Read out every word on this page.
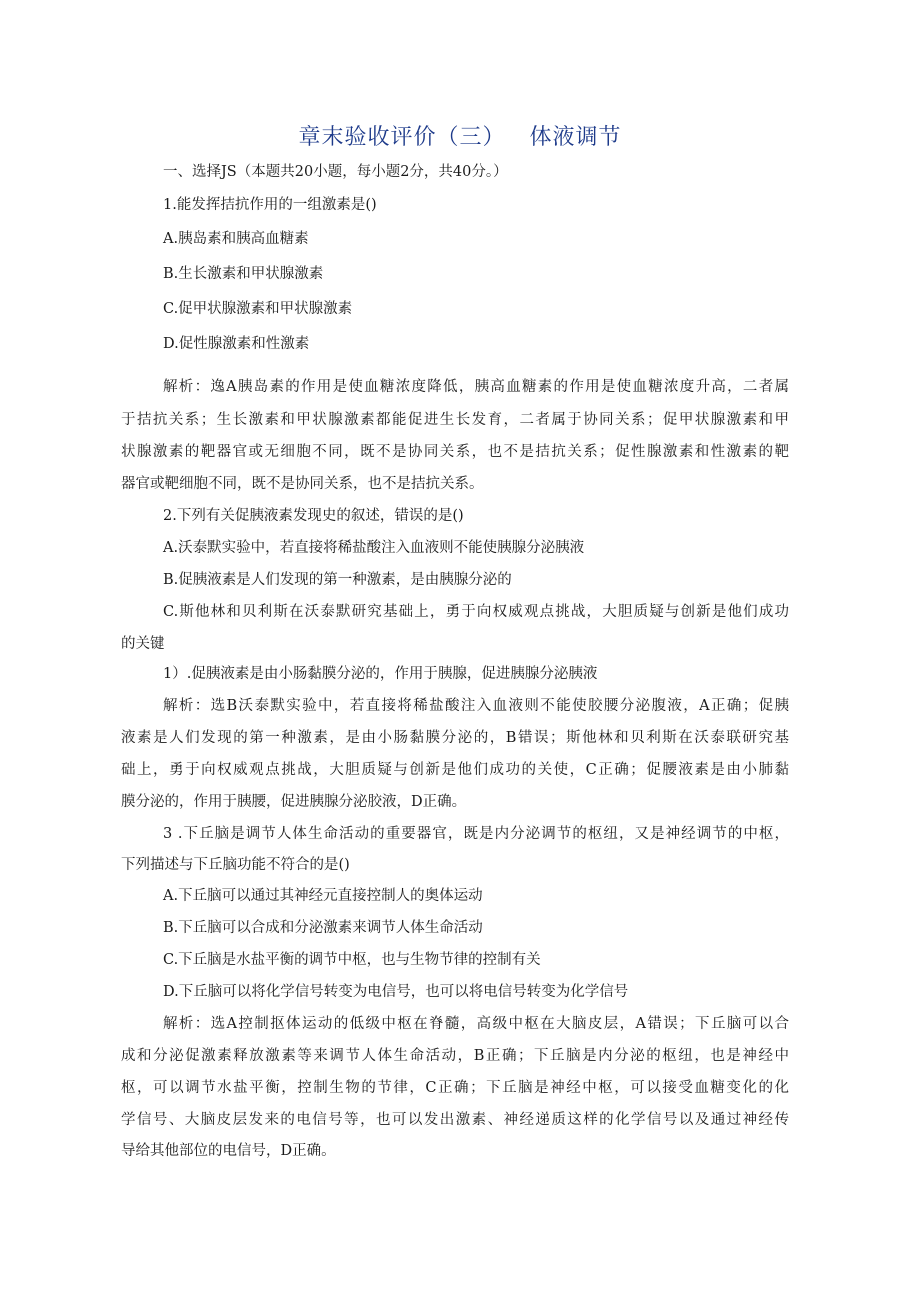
章末验收评价（三）   体液调节
一、选择JS（本题共20小题，每小题2分，共40分。）
1.能发挥拮抗作用的一组激素是()
A.胰岛素和胰高血糖素
B.生长激素和甲状腺激素
C.促甲状腺激素和甲状腺激素
D.促性腺激素和性激素
解析：逸A胰岛素的作用是使血糖浓度降低，胰高血糖素的作用是使血糖浓度升高，二者属
于拮抗关系；生长激素和甲状腺激素都能促进生长发育，二者属于协同关系；促甲状腺激素和甲
状腺激素的靶器官或无细胞不同，既不是协同关系，也不是拮抗关系；促性腺激素和性激素的靶
器官或靶细胞不同，既不是协同关系，也不是拮抗关系。
2.下列有关促胰液素发现史的叙述，错误的是()
A.沃泰默实验中，若直接将稀盐酸注入血液则不能使胰腺分泌胰液
B.促胰液素是人们发现的第一种激素，是由胰腺分泌的
C.斯他林和贝利斯在沃泰默研究基础上，勇于向权威观点挑战，大胆质疑与创新是他们成功
的关键
1）.促胰液素是由小肠黏膜分泌的，作用于胰腺，促进胰腺分泌胰液
解析：选B沃泰默实验中，若直接将稀盐酸注入血液则不能使胶腰分泌腹液，A正确；促胰
液素是人们发现的第一种激素，是由小肠黏膜分泌的，B错误；斯他林和贝利斯在沃泰联研究基
础上，勇于向权威观点挑战，大胆质疑与创新是他们成功的关使，C正确；促腰液素是由小肺黏
膜分泌的，作用于胰腰，促进胰腺分泌胶液，D正确。
3 .下丘脑是调节人体生命活动的重要器官，既是内分泌调节的枢纽，又是神经调节的中枢，
下列描述与下丘脑功能不符合的是()
A.下丘脑可以通过其神经元直接控制人的奥体运动
B.下丘脑可以合成和分泌激素来调节人体生命活动
C.下丘脑是水盐平衡的调节中枢，也与生物节律的控制有关
D.下丘脑可以将化学信号转变为电信号，也可以将电信号转变为化学信号
解析：选A控制抠体运动的低级中枢在脊髓，高级中枢在大脑皮层，A错误；下丘脑可以合
成和分泌促激素释放激素等来调节人体生命活动，B正确；下丘脑是内分泌的枢纽，也是神经中
枢，可以调节水盐平衡，控制生物的节律，C正确；下丘脑是神经中枢，可以接受血糖变化的化
学信号、大脑皮层发来的电信号等，也可以发出激素、神经递质这样的化学信号以及通过神经传
导给其他部位的电信号，D正确。
